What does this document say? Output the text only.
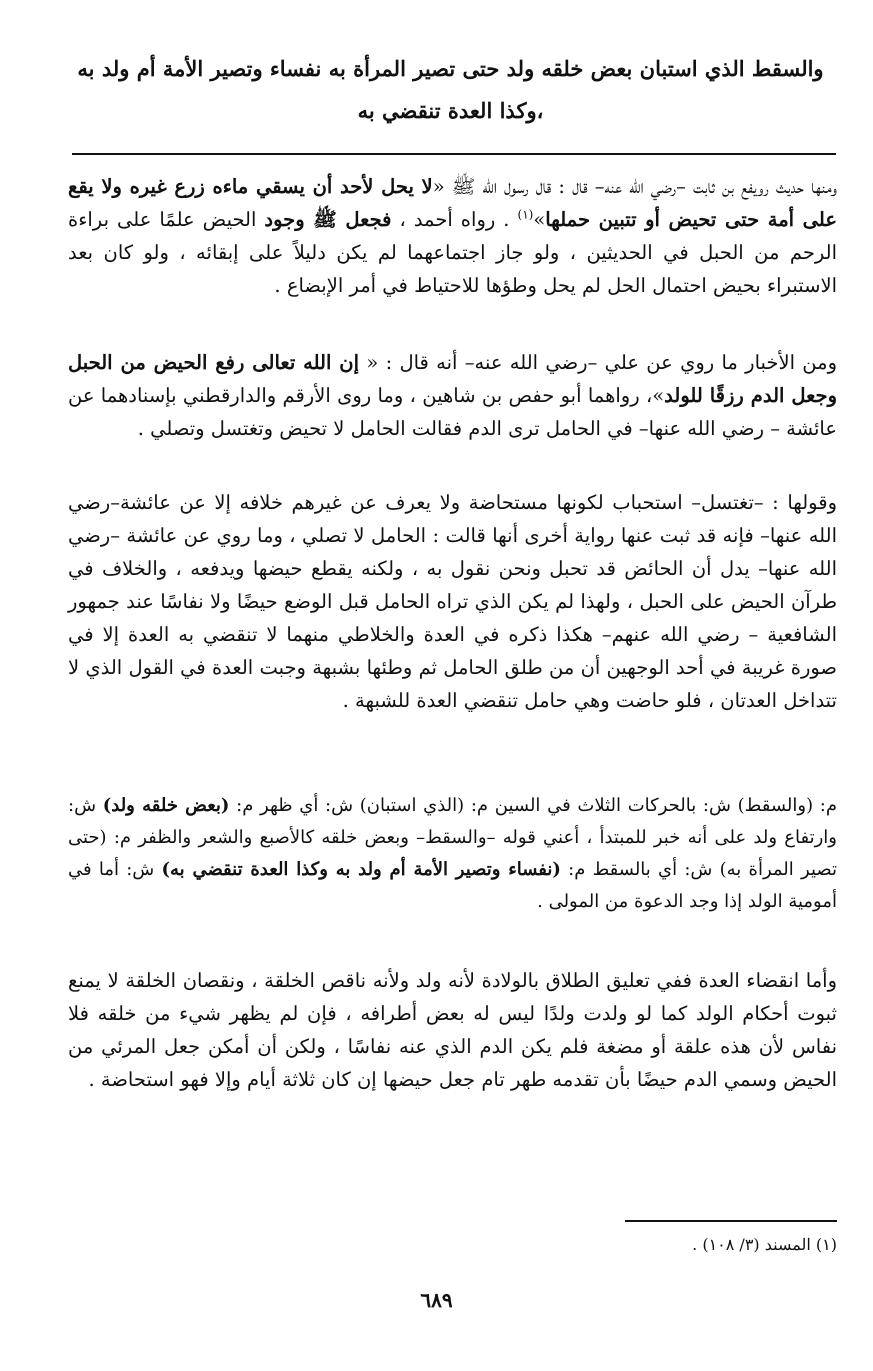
والسقط الذي استبان بعض خلقه ولد حتى تصير المرأة به نفساء وتصير الأمة أم ولد به ،وكذا العدة تنقضي به
ومنها حديث رويفع بن ثابت –رضي الله عنه– قال : قال رسول الله ﷺ «لا يحل لأحد أن يسقي ماءه زرع غيره ولا يقع على أمة حتى تحيض أو تتبين حملها»$^{(١)}$ . رواه أحمد ، فجعل ﷺ وجود الحيض علمًا على براءة الرحم من الحبل في الحديثين ، ولو جاز اجتماعهما لم يكن دليلاً على إبقائه ، ولو كان بعد الاستبراء بحيض احتمال الحل لم يحل وطؤها للاحتياط في أمر الإبضاع .
ومن الأخبار ما روي عن علي –رضي الله عنه– أنه قال : « إن الله تعالى رفع الحيض من الحبل وجعل الدم رزقًا للولد»، رواهما أبو حفص بن شاهين ، وما روى الأرقم والدارقطني بإسنادهما عن عائشة – رضي الله عنها– في الحامل ترى الدم فقالت الحامل لا تحيض وتغتسل وتصلي .
وقولها : –تغتسل– استحباب لكونها مستحاضة ولا يعرف عن غيرهم خلافه إلا عن عائشة–رضي الله عنها– فإنه قد ثبت عنها رواية أخرى أنها قالت : الحامل لا تصلي ، وما روي عن عائشة –رضي الله عنها– يدل أن الحائض قد تحبل ونحن نقول به ، ولكنه يقطع حيضها ويدفعه ، والخلاف في طرآن الحيض على الحبل ، ولهذا لم يكن الذي تراه الحامل قبل الوضع حيضًا ولا نفاسًا عند جمهور الشافعية – رضي الله عنهم– هكذا ذكره في العدة والخلاطي منهما لا تنقضي به العدة إلا في صورة غريبة في أحد الوجهين أن من طلق الحامل ثم وطئها بشبهة وجبت العدة في القول الذي لا تتداخل العدتان ، فلو حاضت وهي حامل تنقضي العدة للشبهة .
م: (والسقط) ش: بالحركات الثلاث في السين م: (الذي استبان) ش: أي ظهر م: (بعض خلقه ولد) ش: وارتفاع ولد على أنه خبر للمبتدأ ، أعني قوله –والسقط– وبعض خلقه كالأصبع والشعر والظفر م: (حتى تصير المرأة به) ش: أي بالسقط م: (نفساء وتصير الأمة أم ولد به وكذا العدة تنقضي به) ش: أما في أمومية الولد إذا وجد الدعوة من المولى .
وأما انقضاء العدة ففي تعليق الطلاق بالولادة لأنه ولد ولأنه ناقص الخلقة ، ونقصان الخلقة لا يمنع ثبوت أحكام الولد كما لو ولدت ولدًا ليس له بعض أطرافه ، فإن لم يظهر شيء من خلقه فلا نفاس لأن هذه علقة أو مضغة فلم يكن الدم الذي عنه نفاسًا ، ولكن أن أمكن جعل المرئي من الحيض وسمي الدم حيضًا بأن تقدمه طهر تام جعل حيضها إن كان ثلاثة أيام وإلا فهو استحاضة .
(١) المسند (٣/ ١٠٨) .
٦٨٩
